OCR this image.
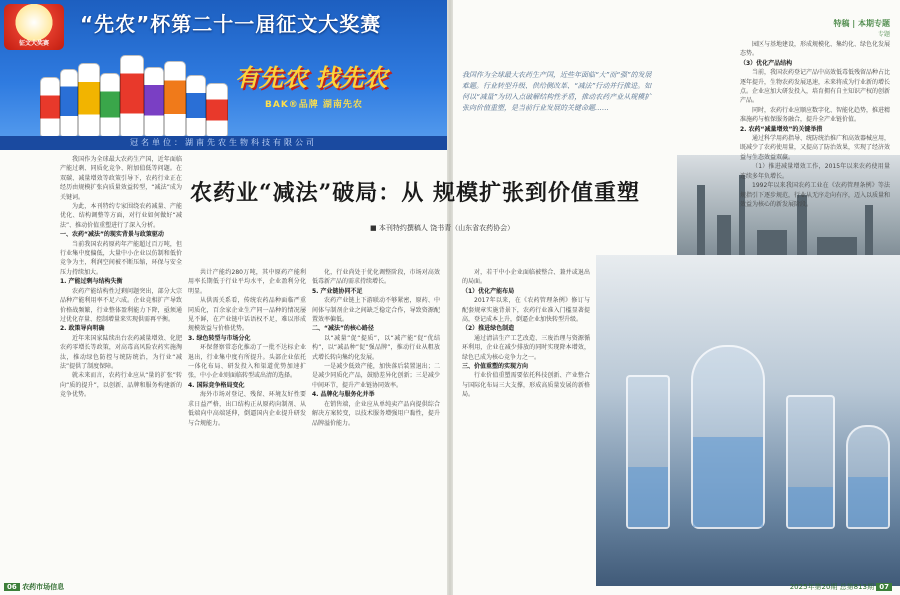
征文大奖赛
“先农”杯第二十一届征文大奖赛
有先农 找先农
BAK®品牌 湖南先农
冠名单位：湖南先农生物科技有限公司

我国作为全球最大农药生产国，近年面临产能过剩、同质化竞争、附加值低等问题。在双碳、减量增效等政策引导下，农药行业正在经历由规模扩张向质量效益转型，“减法”成为关键词。

为此，本刊特约专家围绕农药减量、产能优化、结构调整等方面，对行业如何做好“减法”、推动价值重塑进行了深入分析。

一、农药“减法”的现实背景与政策驱动

当前我国农药原药年产能超过百万吨，但行业集中度偏低，大量中小企业以仿制和低价竞争为主，利润空间被不断压缩，环保与安全压力持续加大。

1. 产能过剩与结构失衡

农药产能结构性过剩问题突出，部分大宗品种产能利用率不足六成。企业竞相扩产导致价格战频繁，行业整体盈利能力下降，亟须通过优化存量、控制增量来实现供需再平衡。

2. 政策导向明确

近年来国家陆续出台农药减量增效、化肥农药零增长等政策，对高毒高风险农药实施淘汰，推动绿色防控与统防统治，为行业“减法”提供了制度保障。

就未来而言，农药行业应从“量的扩张”转向“质的提升”，以创新、品牌和服务构建新的竞争优势。

共计产能约280万吨，其中原药产能利用率长期低于行业平均水平，企业盈利分化明显。

从供需关系看，传统农药品种面临严重同质化，百余家企业生产同一品种的情况屡见不鲜，在产业链中话语权不足，难以形成规模效益与价格优势。

3. 绿色转型与市场分化

环保督察常态化推动了一批不达标企业退出，行业集中度有所提升。头部企业依托一体化布局、研发投入和渠道优势加速扩张，中小企业则面临转型或出清的选择。

4. 国际竞争格局变化

海外市场对登记、残留、环境友好性要求日益严格，出口结构正从原药向制剂、从低端向中高端延伸，倒逼国内企业提升研发与合规能力。

化，行业尚处于优化调整阶段，市场对高效低毒新产品的需求持续增长。

5. 产业链协同不足

农药产业链上下游联动不够紧密，原药、中间体与制剂企业之间缺乏稳定合作，导致资源配置效率偏低。

二、“减法”的核心路径

以“减量”促“提质”，以“减产能”促“优结构”，以“减品种”促“强品牌”，推动行业从粗放式增长转向集约化发展。

一是减少低效产能，加快落后装置退出；二是减少同质化产品，鼓励差异化创新；三是减少中间环节，提升产业链协同效率。

4. 品牌化与服务化并举

在销售端，企业应从单纯卖产品向提供综合解决方案转变，以技术服务增强用户黏性，提升品牌溢价能力。

06 农药市场信息
特稿 | 本期专题
专题
我国作为全球最大农药生产国，近些年面临“大”而“强”的发展难题。行业转型升级、供给侧改革、“减法”行动并行推进。如何以“减量”为切入点破解结构性矛盾，推动农药产业从规模扩张向价值重塑，是当前行业发展的关键命题……
农药业“减法”破局：从 规模扩张到价值重塑
■ 本刊特约撰稿人 饶书青（山东省农药协会）

对，若干中小企业面临被整合、兼并或退出的局面。

（1）优化产能布局

2017年以来，在《农药管理条例》修订与配套规章实施背景下，农药行业准入门槛显著提高，登记成本上升，倒逼企业加快转型升级。

（2）推进绿色制造

通过清洁生产工艺改造、三废治理与资源循环利用，企业在减少排放的同时实现降本增效，绿色已成为核心竞争力之一。

三、价值重塑的实现方向

行业价值重塑需要依托科技创新、产业整合与国际化布局三大支撑，形成高质量发展的新格局。

园区与基地建设，形成规模化、集约化、绿色化发展态势。

（3）优化产品结构

当前，我国农药登记产品中高效低毒低残留品种占比逐年提升，生物农药发展迅速，未来将成为行业新的增长点。企业应加大研发投入，培育拥有自主知识产权的创新产品。

同时，农药行业应顺应数字化、智能化趋势，推进精准施药与植保服务融合，提升全产业链价值。

2. 农药“减量增效”的关键举措

通过科学用药指导、统防统治推广和高效器械应用，既减少了农药使用量，又提高了防治效果，实现了经济效益与生态效益双赢。

（1）推进减量增效工作，2015年以来农药使用量连续多年负增长。

1992年以来我国农药工业在《农药管理条例》等法规指引下逐步规范，行业从无序走向有序，迈入以质量和效益为核心的新发展阶段。

2025年第20期 总第813期 07
